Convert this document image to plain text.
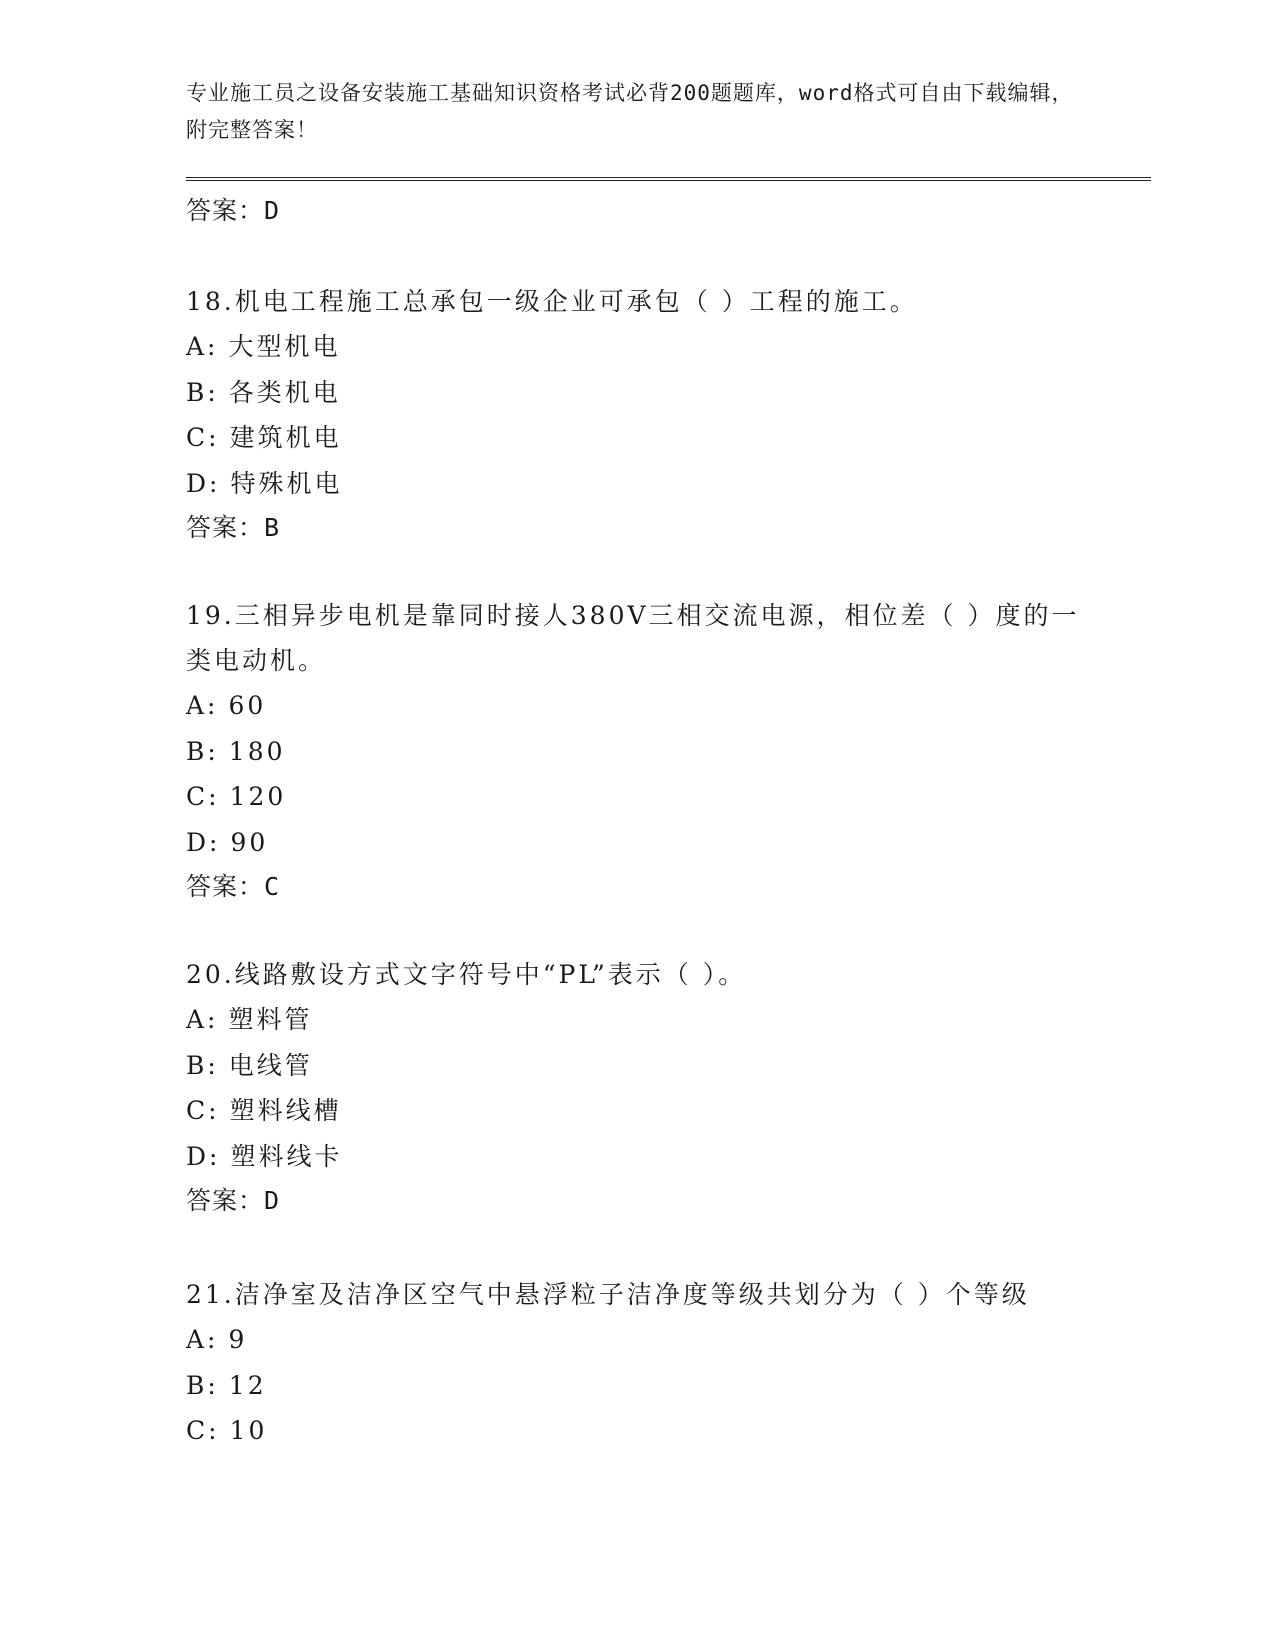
专业施工员之设备安装施工基础知识资格考试必背200题题库，word格式可自由下载编辑，附完整答案！
答案：D
18.机电工程施工总承包一级企业可承包（ ）工程的施工。
A: 大型机电
B: 各类机电
C: 建筑机电
D: 特殊机电
答案：B
19.三相异步电机是靠同时接人380V三相交流电源，相位差（ ）度的一类电动机。
A: 60
B: 180
C: 120
D: 90
答案：C
20.线路敷设方式文字符号中“PL”表示（ ）。
A: 塑料管
B: 电线管
C: 塑料线槽
D: 塑料线卡
答案：D
21.洁净室及洁净区空气中悬浮粒子洁净度等级共划分为（ ）个等级
A: 9
B: 12
C: 10
